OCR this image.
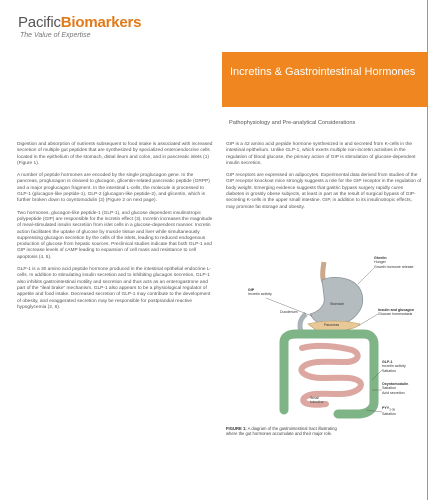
PacificBiomarkers
The Value of Expertise
Incretins & Gastrointestinal Hormones
Pathophysiology and Pre-analytical Considerations

Digestion and absorption of nutrients subsequent to food intake is associated with increased secretion of multiple gut peptides that are synthesized by specialized enteroendocrine cells located in the epithelium of the stomach, distal ileum and colon, and in pancreatic islets (1) (Figure 1).

A number of peptide hormones are encoded by the single proglucagon gene. In the pancreas, proglucagon is cleaved to glucagon, glicentin-related pancreatic peptide (GRPP) and a major proglucagon fragment. In the intestinal L-cells, the molecule is processed to GLP-1 (glucagon-like peptide-1), GLP-2 (glucagon-like peptide-2), and glicentin, which is further broken down to oxyntomodulin (2) (Figure 2 on next page).

Two hormones, glucagon-like peptide-1 (GLP-1), and glucose dependent insulinotropic polypeptide (GIP) are responsible for the incretin effect (3). Incretin increases the magnitude of meal-stimulated insulin secretion from islet cells in a glucose-dependent manner. Incretin action facilitates the uptake of glucose by muscle tissue and liver while simultaneously suppressing glucagon secretion by the cells of the islets, leading to reduced endogenous production of glucose from hepatic sources. Preclinical studies indicate that both GLP-1 and GIP increase levels of cAMP leading to expansion of cell mass and resistance to cell apoptosis (4, 5).

GLP-1 is a 30 amino acid peptide hormone produced in the intestinal epithelial endocrine L-cells. In addition to stimulating insulin secretion and to inhibiting glucagon secretion, GLP-1 also inhibits gastrointestinal motility and secretion and thus acts as an enterogastrone and part of the "ileal brake" mechanism. GLP-1 also appears to be a physiological regulator of appetite and food intake. Decreased secretion of GLP-1 may contribute to the development of obesity, and exaggerated secretion may be responsible for postprandial reactive hypoglycemia (2, 6).

GIP is a 42 amino acid peptide hormone synthesized in and secreted from K-cells in the intestinal epithelium. Unlike GLP-1, which exerts multiple non-incretin activities in the regulation of blood glucose, the primary action of GIP is stimulation of glucose-dependent insulin secretion.

GIP receptors are expressed on adipocytes. Experimental data derived from studies of the GIP receptor knockout mice strongly suggests a role for the GIP receptor in the regulation of body weight. Emerging evidence suggests that gastric bypass surgery rapidly cures diabetes in grossly obese subjects, at least in part as the result of surgical bypass of GIP-secreting K-cells in the upper small intestine. GIP, in addition to its insulinotropic effects, may promote fat storage and obesity.

Ghrelin
Hunger
Growth hormone release
GIP
Incretin activity
Duodenum
Stomach
Pancreas
Insulin and glucagon
Glucose homeostasis
Small
Intestine
GLP-1
Incretin activity
Satiation
Oxyntomodulin
Satiation
Acid secretion
$PYY_{3-36}$
Satiation
FIGURE 1: A diagram of the gastrointestinal tract illustrating where the gut hormones accumulate and their major role.
